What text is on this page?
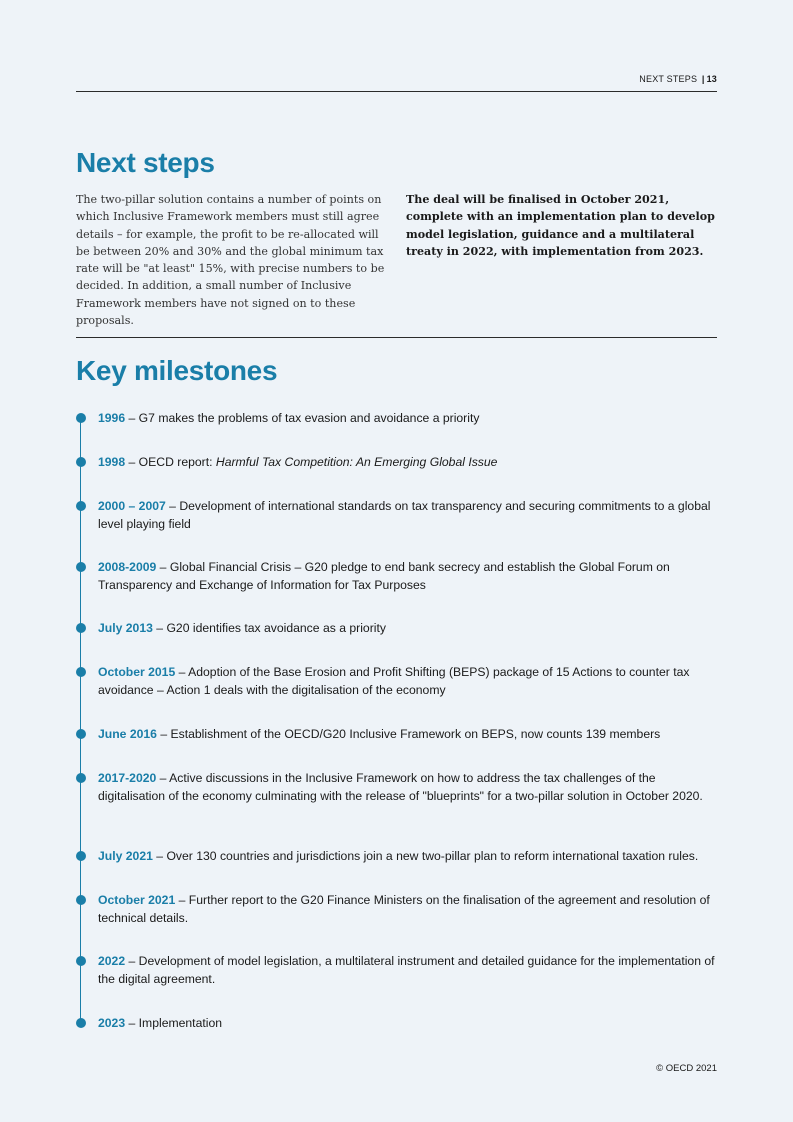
NEXT STEPS | 13
Next steps
The two-pillar solution contains a number of points on which Inclusive Framework members must still agree details – for example, the profit to be re-allocated will be between 20% and 30% and the global minimum tax rate will be "at least" 15%, with precise numbers to be decided. In addition, a small number of Inclusive Framework members have not signed on to these proposals.
The deal will be finalised in October 2021, complete with an implementation plan to develop model legislation, guidance and a multilateral treaty in 2022, with implementation from 2023.
Key milestones
1996 – G7 makes the problems of tax evasion and avoidance a priority
1998 – OECD report: Harmful Tax Competition: An Emerging Global Issue
2000 – 2007 – Development of international standards on tax transparency and securing commitments to a global level playing field
2008-2009 – Global Financial Crisis – G20 pledge to end bank secrecy and establish the Global Forum on Transparency and Exchange of Information for Tax Purposes
July 2013 – G20 identifies tax avoidance as a priority
October 2015 – Adoption of the Base Erosion and Profit Shifting (BEPS) package of 15 Actions to counter tax avoidance – Action 1 deals with the digitalisation of the economy
June 2016 – Establishment of the OECD/G20 Inclusive Framework on BEPS, now counts 139 members
2017-2020 – Active discussions in the Inclusive Framework on how to address the tax challenges of the digitalisation of the economy culminating with the release of "blueprints" for a two-pillar solution in October 2020.
July 2021 – Over 130 countries and jurisdictions join a new two-pillar plan to reform international taxation rules.
October 2021 – Further report to the G20 Finance Ministers on the finalisation of the agreement and resolution of technical details.
2022 – Development of model legislation, a multilateral instrument and detailed guidance for the implementation of the digital agreement.
2023 – Implementation
© OECD 2021
